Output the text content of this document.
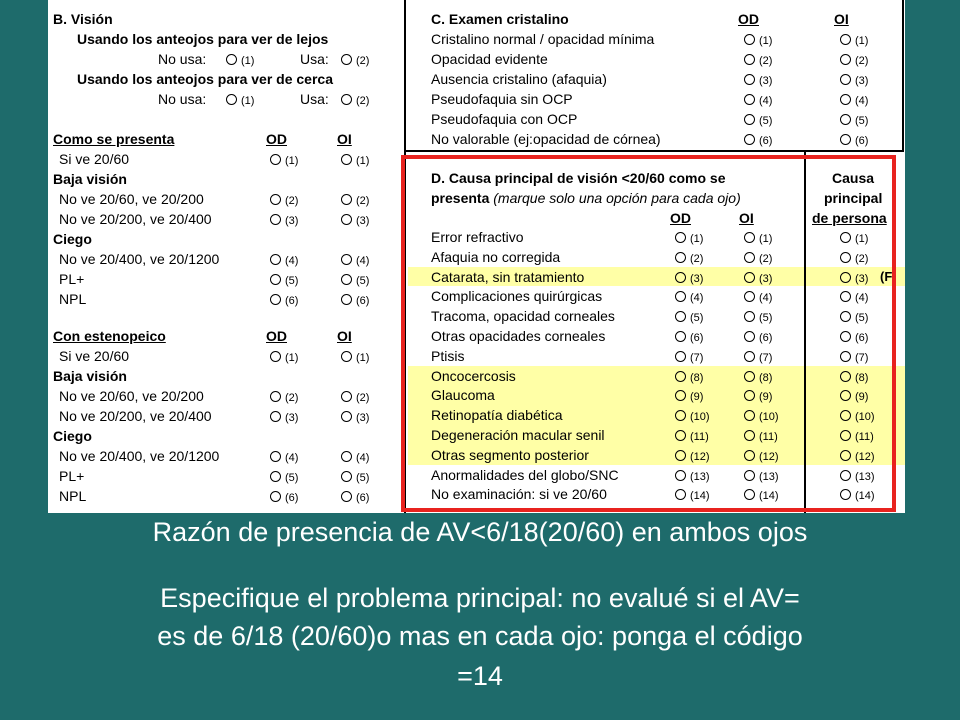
B. Visión
Usando los anteojos para ver de lejos
No usa:	(1)	Usa:	(2)
Usando los anteojos para ver de cerca
No usa:	(1)	Usa:	(2)
Como se presenta	OD	OI
Si ve 20/60	(1)	(1)
Baja visión
No ve 20/60, ve 20/200	(2)	(2)
No ve 20/200, ve 20/400	(3)	(3)
Ciego
No ve 20/400, ve 20/1200	(4)	(4)
PL+	(5)	(5)
NPL	(6)	(6)
Con estenopeico	OD	OI
Si ve 20/60	(1)	(1)
Baja visión
No ve 20/60, ve 20/200	(2)	(2)
No ve 20/200, ve 20/400	(3)	(3)
Ciego
No ve 20/400, ve 20/1200	(4)	(4)
PL+	(5)	(5)
NPL	(6)	(6)
C. Examen cristalino	OD	OI
Cristalino normal / opacidad mínima	(1)	(1)
Opacidad evidente	(2)	(2)
Ausencia cristalino (afaquia)	(3)	(3)
Pseudofaquia sin OCP	(4)	(4)
Pseudofaquia con OCP	(5)	(5)
No valorable (ej:opacidad de córnea)	(6)	(6)
D. Causa principal de visión <20/60 como se
presenta (marque solo una opción para cada ojo)
OD	OI
Causa
principal
de persona
Error refractivo	(1)	(1)	(1)
Afaquia no corregida	(2)	(2)	(2)
Catarata, sin tratamiento	(3)	(3)	(3)
Complicaciones quirúrgicas	(4)	(4)	(4)
Tracoma, opacidad corneales	(5)	(5)	(5)
Otras opacidades corneales	(6)	(6)	(6)
Ptisis	(7)	(7)	(7)
Oncocercosis	(8)	(8)	(8)
Glaucoma	(9)	(9)	(9)
Retinopatía diabética	(10)	(10)	(10)
Degeneración macular senil	(11)	(11)	(11)
Otras segmento posterior	(12)	(12)	(12)
Anormalidades del globo/SNC	(13)	(13)	(13)
No examinación: si ve 20/60	(14)	(14)	(14)
(F
Razón de presencia de AV<6/18(20/60) en ambos ojos
Especifique el problema principal: no evalué si el AV=
es de 6/18 (20/60)o mas en cada ojo: ponga el código
=14
